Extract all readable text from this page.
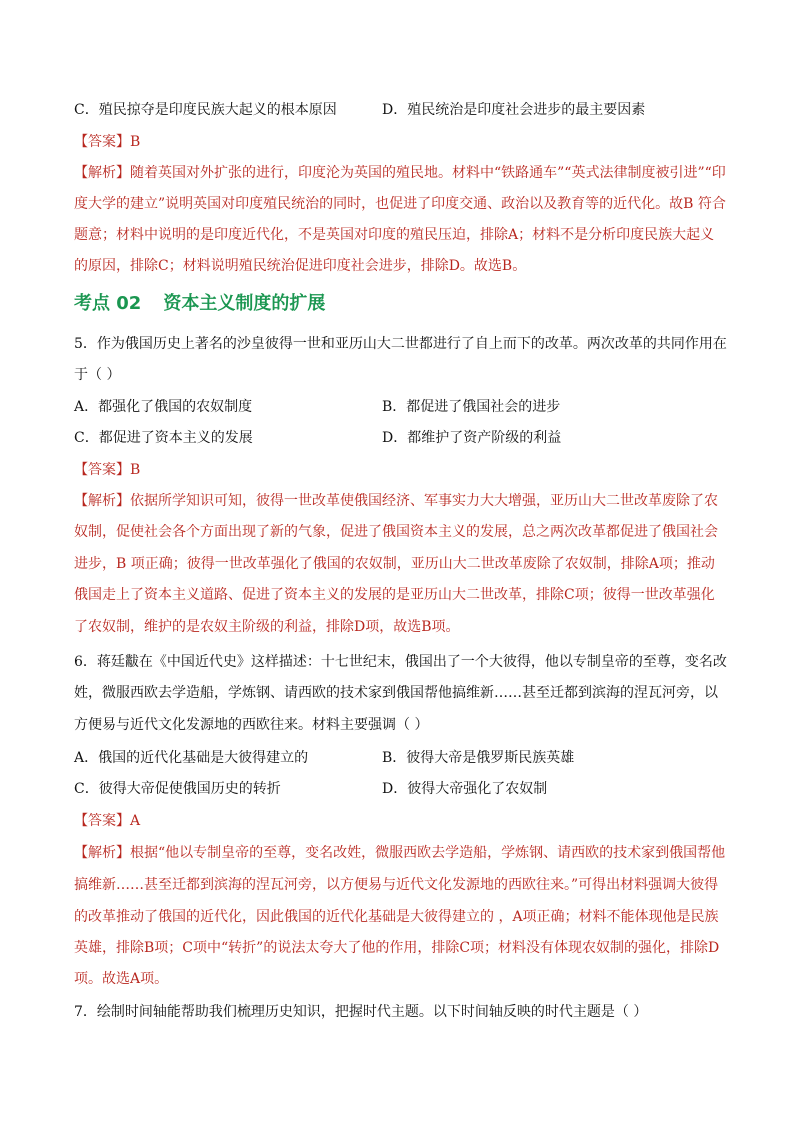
C．殖民掠夺是印度民族大起义的根本原因	D．殖民统治是印度社会进步的最主要因素
【答案】B
【解析】随着英国对外扩张的进行，印度沦为英国的殖民地。材料中“铁路通车”“英式法律制度被引进”“印
度大学的建立”说明英国对印度殖民统治的同时，也促进了印度交通、政治以及教育等的近代化。故B 符合
题意；材料中说明的是印度近代化，不是英国对印度的殖民压迫，排除A；材料不是分析印度民族大起义
的原因，排除C；材料说明殖民统治促进印度社会进步，排除D。故选B。
考点 02 资本主义制度的扩展
5．作为俄国历史上著名的沙皇彼得一世和亚历山大二世都进行了自上而下的改革。两次改革的共同作用在
于（ ）
A．都强化了俄国的农奴制度	B．都促进了俄国社会的进步
C．都促进了资本主义的发展	D．都维护了资产阶级的利益
【答案】B
【解析】依据所学知识可知，彼得一世改革使俄国经济、军事实力大大增强，亚历山大二世改革废除了农
奴制，促使社会各个方面出现了新的气象，促进了俄国资本主义的发展，总之两次改革都促进了俄国社会
进步，B 项正确；彼得一世改革强化了俄国的农奴制，亚历山大二世改革废除了农奴制，排除A项；推动
俄国走上了资本主义道路、促进了资本主义的发展的是亚历山大二世改革，排除C项；彼得一世改革强化
了农奴制，维护的是农奴主阶级的利益，排除D项，故选B项。
6．蒋廷黻在《中国近代史》这样描述：十七世纪末，俄国出了一个大彼得，他以专制皇帝的至尊，变名改
姓，微服西欧去学造船，学炼钢、请西欧的技术家到俄国帮他搞维新……甚至迁都到滨海的涅瓦河旁，以
方便易与近代文化发源地的西欧往来。材料主要强调（ ）
A．俄国的近代化基础是大彼得建立的	B．彼得大帝是俄罗斯民族英雄
C．彼得大帝促使俄国历史的转折	D．彼得大帝强化了农奴制
【答案】A
【解析】根据“他以专制皇帝的至尊，变名改姓，微服西欧去学造船，学炼钢、请西欧的技术家到俄国帮他
搞维新……甚至迁都到滨海的涅瓦河旁，以方便易与近代文化发源地的西欧往来。”可得出材料强调大彼得
的改革推动了俄国的近代化，因此俄国的近代化基础是大彼得建立的 ，A项正确；材料不能体现他是民族
英雄，排除B项；C项中“转折”的说法太夸大了他的作用，排除C项；材料没有体现农奴制的强化，排除D
项。故选A项。
7．绘制时间轴能帮助我们梳理历史知识，把握时代主题。以下时间轴反映的时代主题是（ ）
